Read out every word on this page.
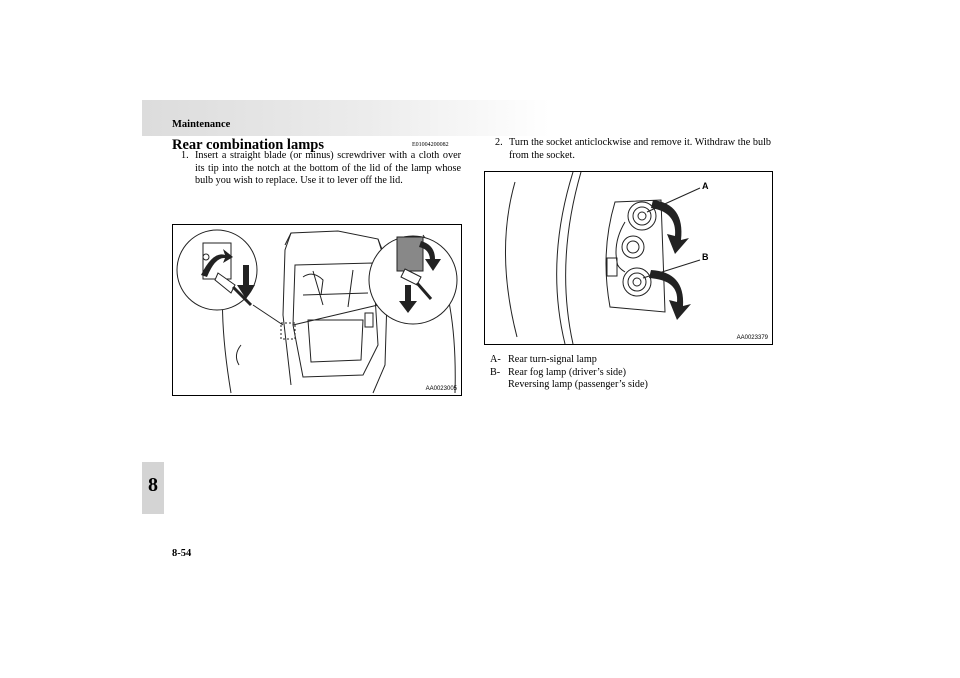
Maintenance
8
8-54
Rear combination lamps	E01004200082
1. Insert a straight blade (or minus) screwdriver with a cloth over its tip into the notch at the bottom of the lid of the lamp whose bulb you wish to replace. Use it to lever off the lid.
2. Turn the socket anticlockwise and remove it. Withdraw the bulb from the socket.
AA0023005
A
B
AA0023379
A- Rear turn-signal lamp
B- Rear fog lamp (driver’s side)
Reversing lamp (passenger’s side)
